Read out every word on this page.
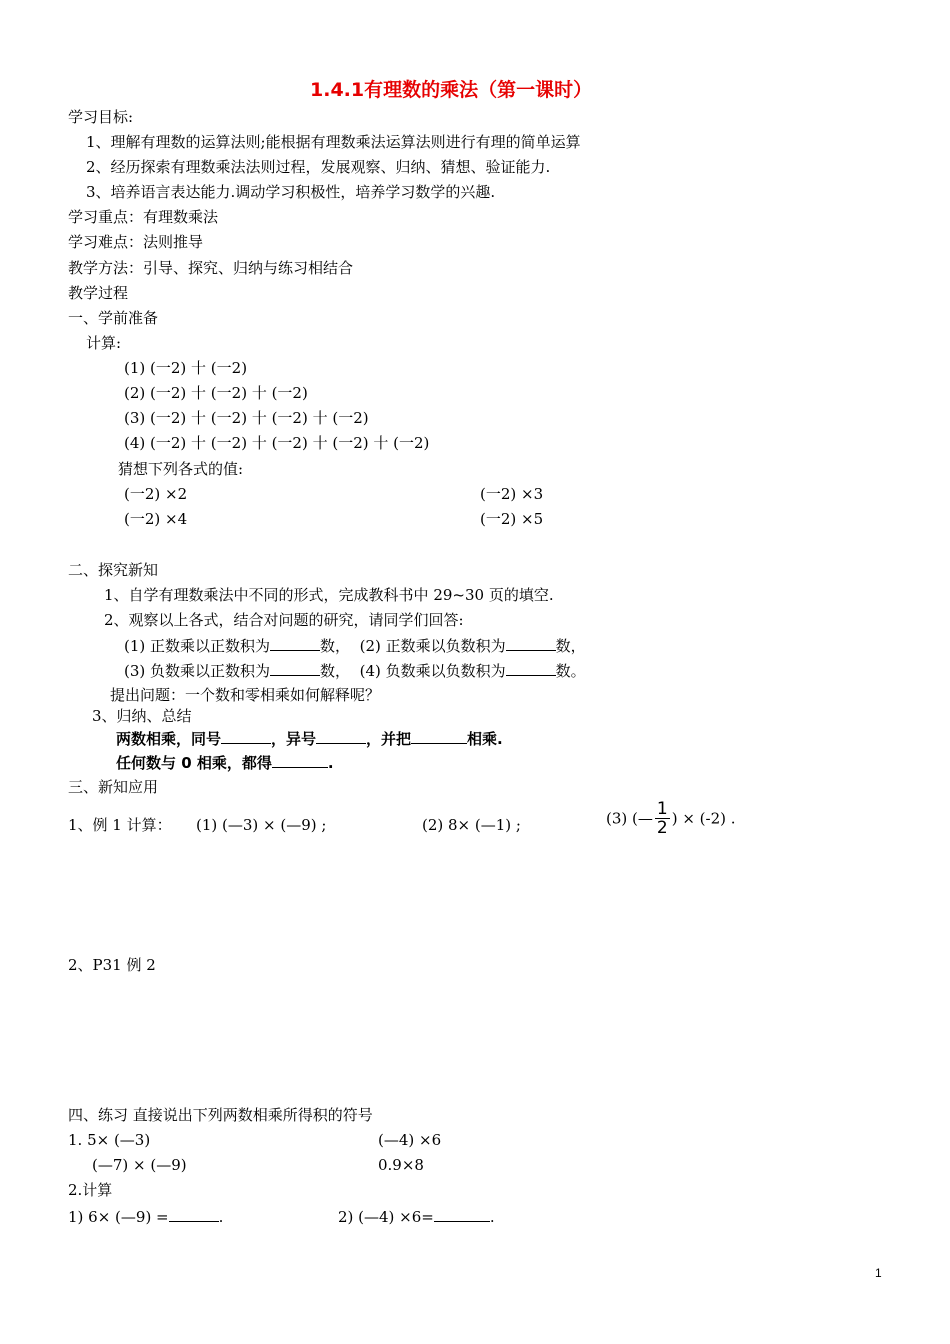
1.4.1有理数的乘法（第一课时）
学习目标:
1、理解有理数的运算法则;能根据有理数乘法运算法则进行有理的简单运算
2、经历探索有理数乘法法则过程，发展观察、归纳、猜想、验证能力.
3、培养语言表达能力.调动学习积极性，培养学习数学的兴趣.
学习重点：有理数乘法
学习难点：法则推导
教学方法：引导、探究、归纳与练习相结合
教学过程
一、学前准备
计算:
(1) (一2) 十 (一2)
(2) (一2) 十 (一2) 十 (一2)
(3) (一2) 十 (一2) 十 (一2) 十 (一2)
(4) (一2) 十 (一2) 十 (一2) 十 (一2) 十 (一2)
猜想下列各式的值:
(一2) ×2	(一2) ×3
(一2) ×4	(一2) ×5
二、探究新知
1、自学有理数乘法中不同的形式，完成教科书中 29~30 页的填空.
2、观察以上各式，结合对问题的研究，请同学们回答:
(1) 正数乘以正数积为	数， (2) 正数乘以负数积为	数，
(3) 负数乘以正数积为	数， (4) 负数乘以负数积为	数。
提出问题：一个数和零相乘如何解释呢？
3、归纳、总结
两数相乘，同号	，异号	，并把	相乘.
任何数与 0 相乘，都得	.
三、新知应用
1、例 1 计算： (1) (—3) × (—9) ;	(2) 8× (—1) ;	(3) (— $\frac{1}{2}$ ) × (-2) .
2、P31 例 2
四、练习 直接说出下列两数相乘所得积的符号
1. 5× (—3)	(—4) ×6
(—7) × (—9)	0.9×8
2.计算
1) 6× (—9) =	.	2) (—4) ×6=	.
1
